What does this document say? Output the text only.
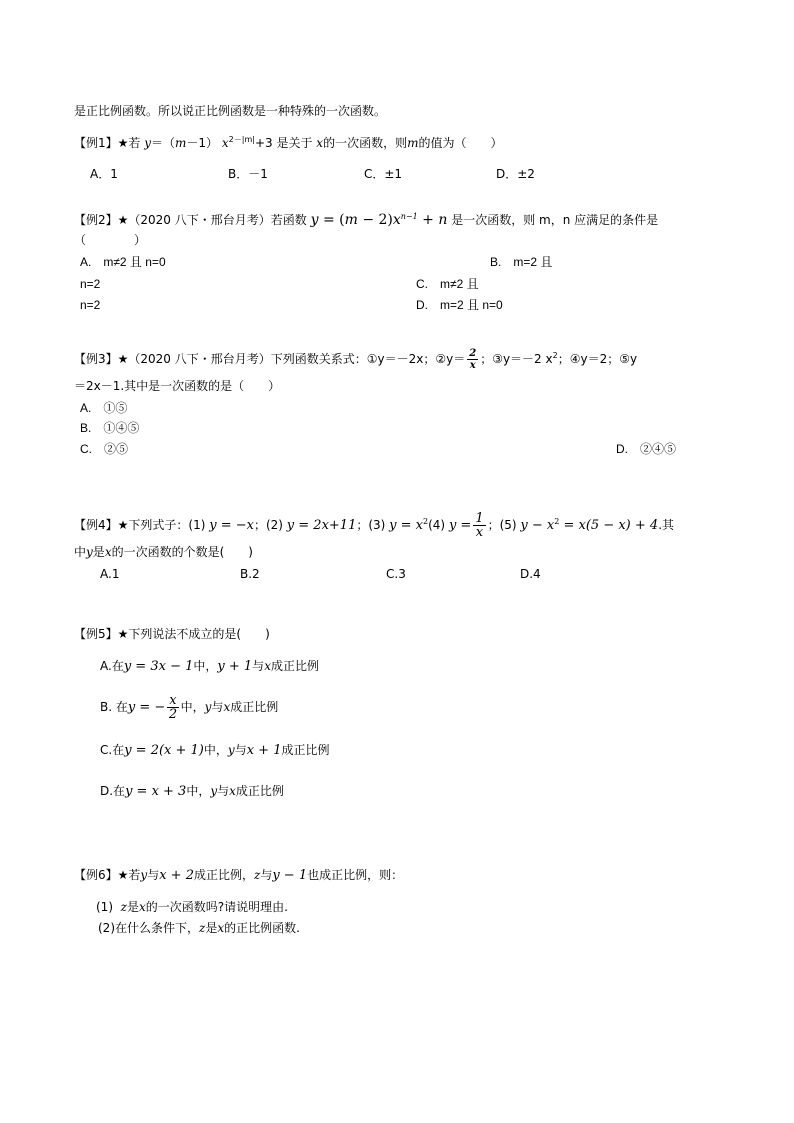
是正比例函数。所以说正比例函数是一种特殊的一次函数。
【例1】★若 y＝（m－1） $x^{2-|m|}+3$ 是关于 x的一次函数，则m的值为（　　）
A．1	B．－1	C．±1	D．±2
【例2】★（2020 八下・邢台月考）若函数 $y = (m - 2)x^{n-1} + n$ 是一次函数，则 m，n 应满足的条件是
（　　　　）
A.　m≠2 且 n=0	B.　m=2 且
n=2	C.　m≠2 且
n=2	D.　m=2 且 n=0
【例3】★（2020 八下・邢台月考）下列函数关系式：①y＝－2x；②y＝ $\frac{2}{x}$ ；③y＝－2 $x^2$；④y＝2；⑤y
＝2x－1.其中是一次函数的是（　　）
A.　①⑤
B.　①④⑤
C.　②⑤	D.　②④⑤
【例4】★下列式子：(1) y = −x；(2) y = 2x+11；(3) $y = x^2(4) y = \frac{1}{x}$ ；(5) $y - x^2 = x(5 - x) + 4$.其
中y是x的一次函数的个数是(　　)
A.1	B.2	C.3	D.4
【例5】★下列说法不成立的是(　　)
A.在y = 3x − 1中，y + 1与x成正比例
B. 在y = − $\frac{x}{2}$ 中，y与x成正比例
C.在y = 2(x + 1)中，y与x + 1成正比例
D.在y = x + 3中，y与x成正比例
【例6】★若y与x + 2成正比例，z与y − 1也成正比例，则：
(1) z是x的一次函数吗?请说明理由.
(2)在什么条件下，z是x的正比例函数.
